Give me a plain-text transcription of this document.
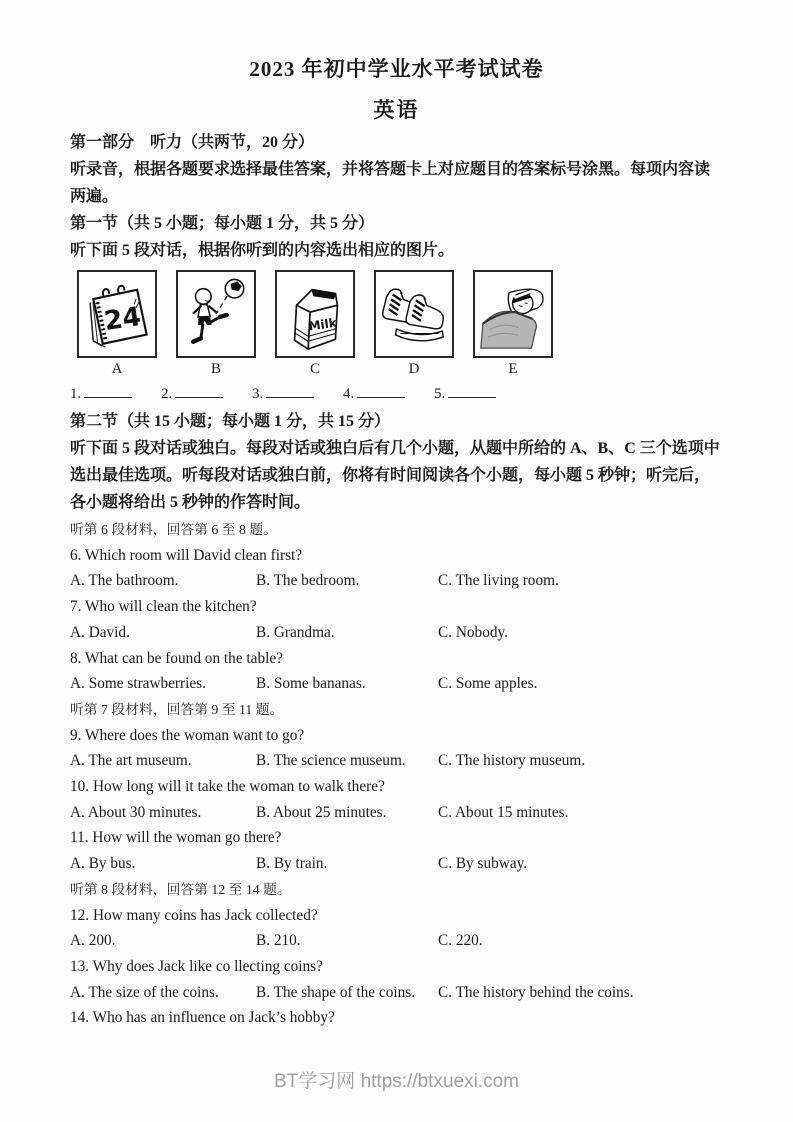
2023 年初中学业水平考试试卷
英语

第一部分　听力（共两节，20 分）

听录音，根据各题要求选择最佳答案，并将答题卡上对应题目的答案标号涂黑。每项内容读两遍。

第一节（共 5 小题；每小题 1 分，共 5 分）

听下面 5 段对话，根据你听到的内容选出相应的图片。

24
A	B
Milk
C	D	E
1.	2.	3.	4.	5.

第二节（共 15 小题；每小题 1 分，共 15 分）

听下面 5 段对话或独白。每段对话或独白后有几个小题，从题中所给的 A、B、C 三个选项中选出最佳选项。听每段对话或独白前，你将有时间阅读各个小题，每小题 5 秒钟；听完后，各小题将给出 5 秒钟的作答时间。

听第 6 段材料，回答第 6 至 8 题。
6. Which room will David clean first?
A. The bathroom.	B. The bedroom.	C. The living room.
7. Who will clean the kitchen?
A. David.	B. Grandma.	C. Nobody.
8. What can be found on the table?
A. Some strawberries.	B. Some bananas.	C. Some apples.
听第 7 段材料，回答第 9 至 11 题。
9. Where does the woman want to go?
A. The art museum.	B. The science museum.	C. The history museum.
10. How long will it take the woman to walk there?
A. About 30 minutes.	B. About 25 minutes.	C. About 15 minutes.
11. How will the woman go there?
A. By bus.	B. By train.	C. By subway.
听第 8 段材料，回答第 12 至 14 题。
12. How many coins has Jack collected?
A. 200.	B. 210.	C. 220.
13. Why does Jack like co llecting coins?
A. The size of the coins.	B. The shape of the coins.	C. The history behind the coins.
14. Who has an influence on Jack’s hobby?
BT学习网 https://btxuexi.com
